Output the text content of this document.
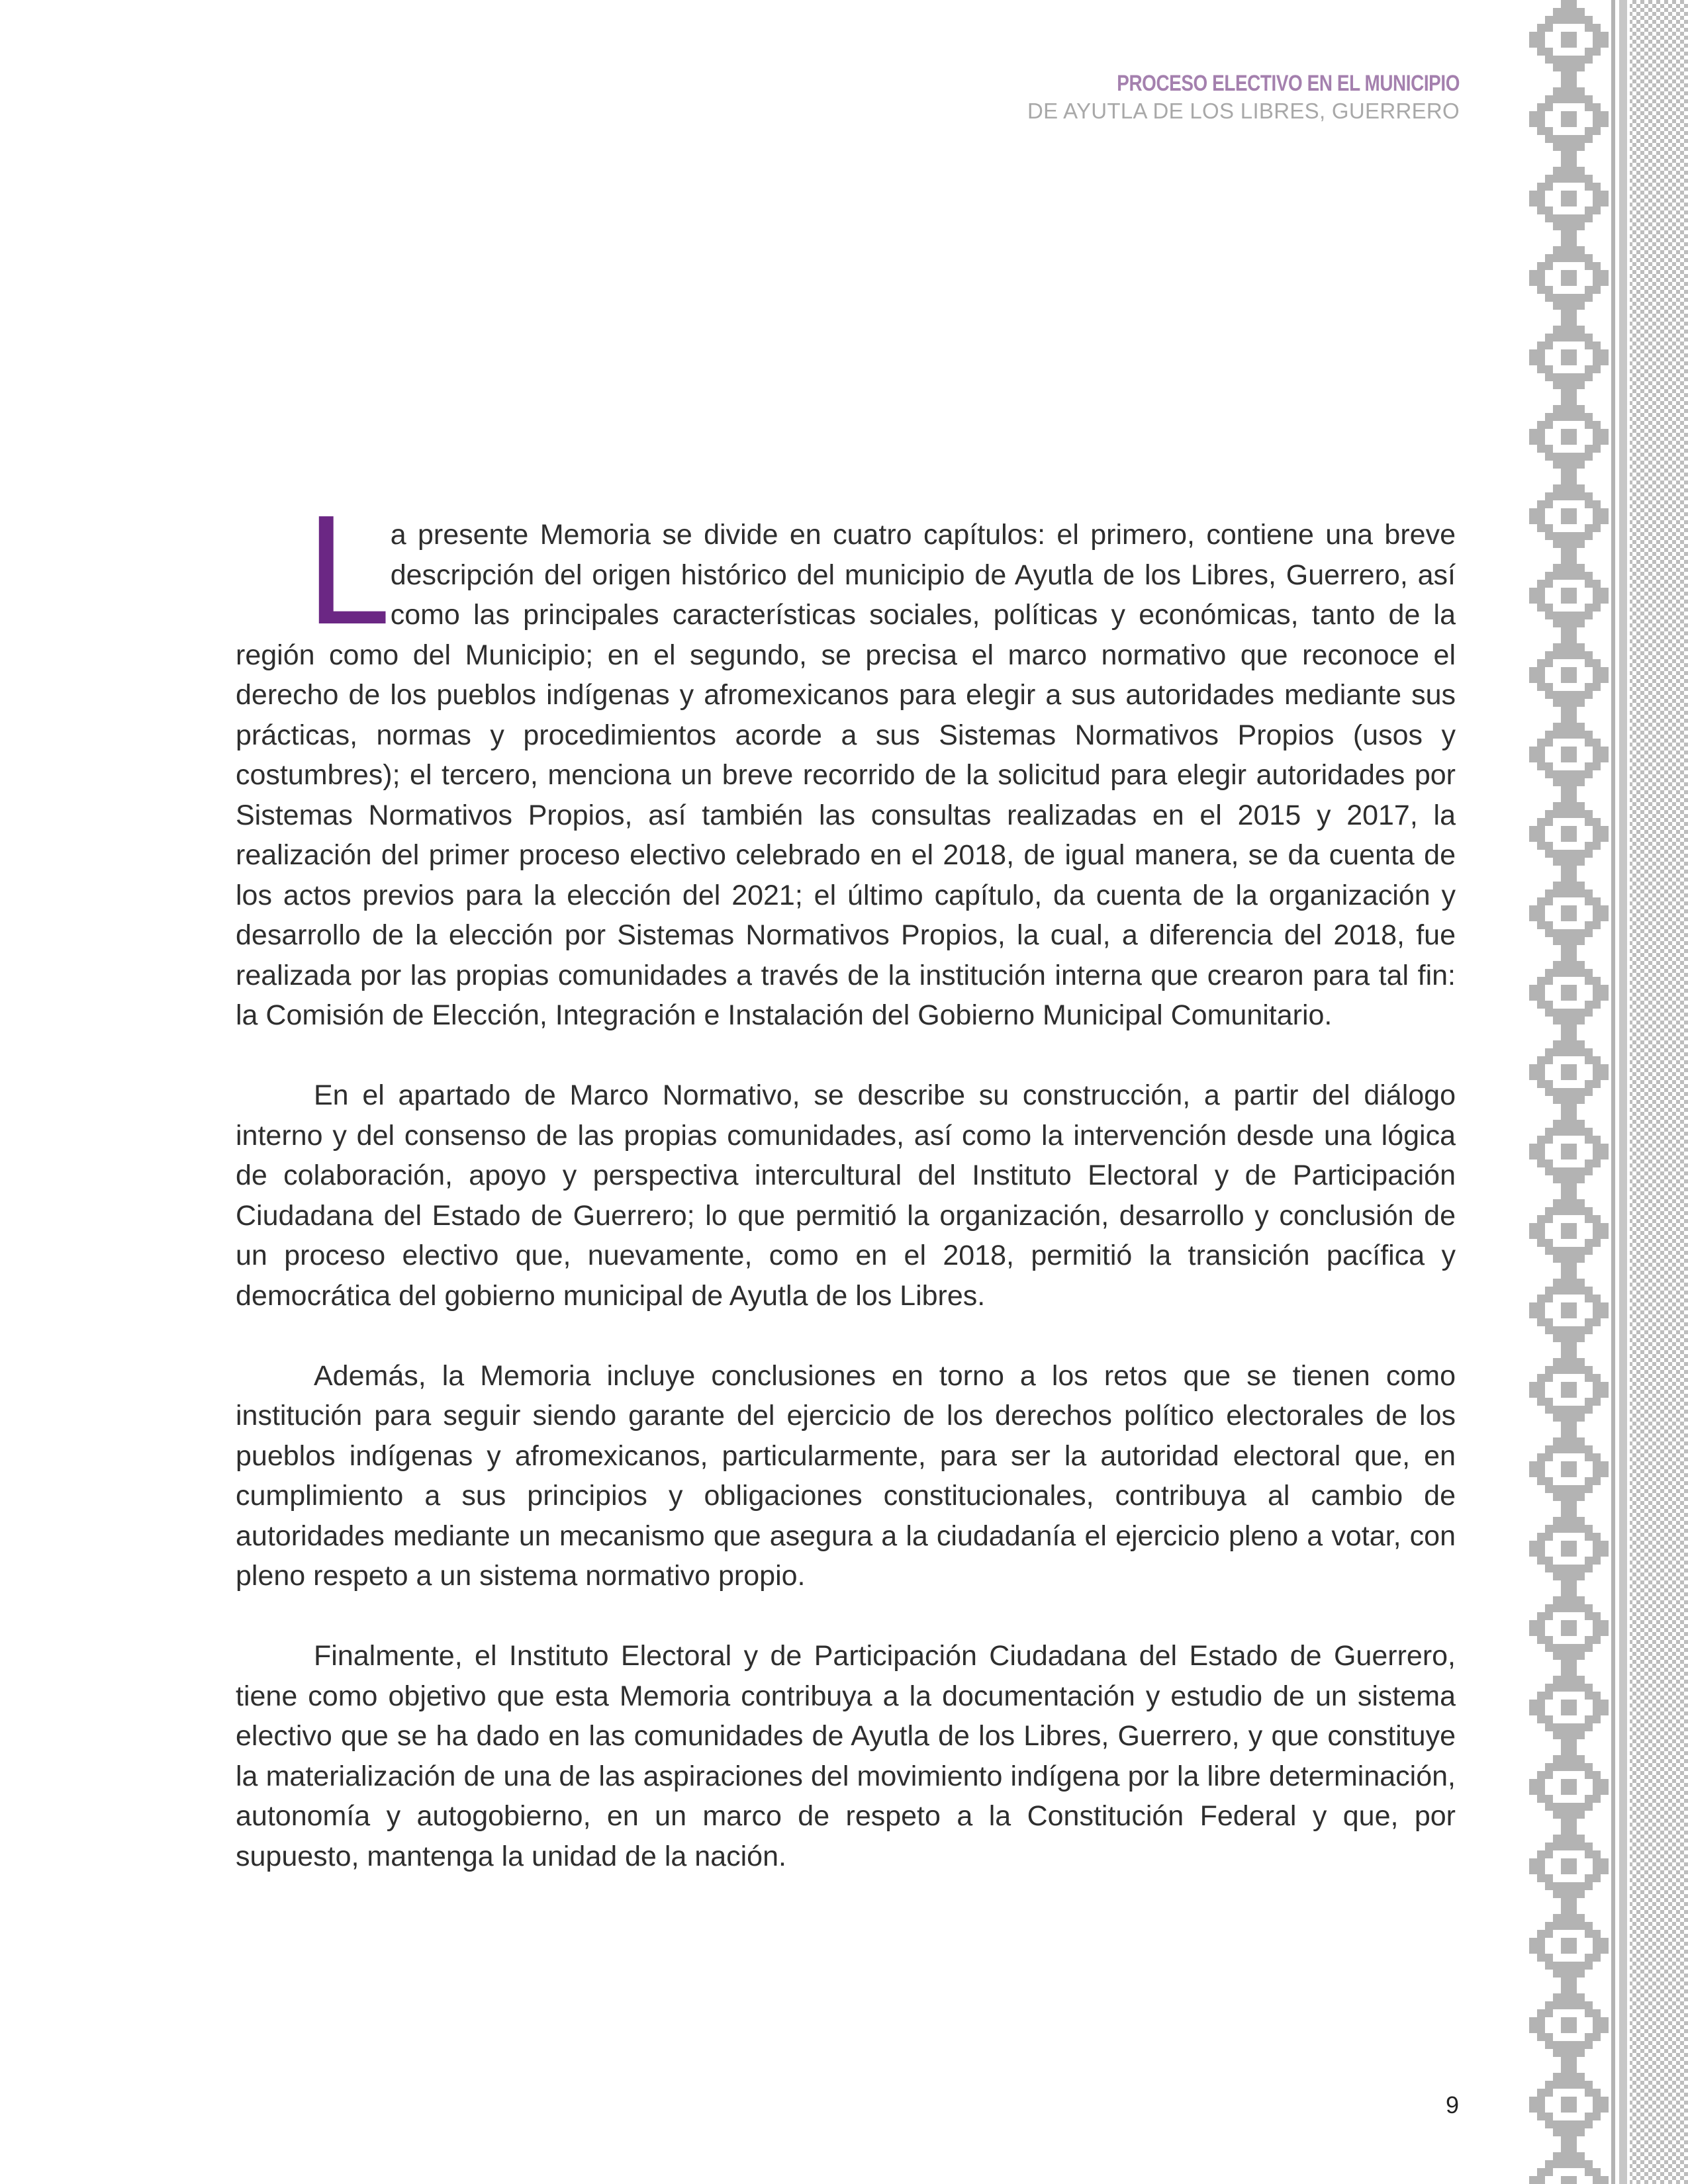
PROCESO ELECTIVO EN EL MUNICIPIO
DE AYUTLA DE LOS LIBRES, GUERRERO

La presente Memoria se divide en cuatro capítulos: el primero, contiene una breve descripción del origen histórico del municipio de Ayutla de los Libres, Guerrero, así como las principales características sociales, políticas y económicas, tanto de la región como del Municipio; en el segundo, se precisa el marco normativo que reconoce el derecho de los pueblos indígenas y afromexicanos para elegir a sus autoridades mediante sus prácticas, normas y procedimientos acorde a sus Sistemas Normativos Propios (usos y costumbres); el tercero, menciona un breve recorrido de la solicitud para elegir autoridades por Sistemas Normativos Propios, así también las consultas realizadas en el 2015 y 2017, la realización del primer proceso electivo celebrado en el 2018, de igual manera, se da cuenta de los actos previos para la elección del 2021; el último capítulo, da cuenta de la organización y desarrollo de la elección por Sistemas Normativos Propios, la cual, a diferencia del 2018, fue realizada por las propias comunidades a través de la institución interna que crearon para tal fin: la Comisión de Elección, Integración e Instalación del Gobierno Municipal Comunitario.

En el apartado de Marco Normativo, se describe su construcción, a partir del diálogo interno y del consenso de las propias comunidades, así como la intervención desde una lógica de colaboración, apoyo y perspectiva intercultural del Instituto Electoral y de Participación Ciudadana del Estado de Guerrero; lo que permitió la organización, desarrollo y conclusión de un proceso electivo que, nuevamente, como en el 2018, permitió la transición pacífica y democrática del gobierno municipal de Ayutla de los Libres.

Además, la Memoria incluye conclusiones en torno a los retos que se tienen como institución para seguir siendo garante del ejercicio de los derechos político electorales de los pueblos indígenas y afromexicanos, particularmente, para ser la autoridad electoral que, en cumplimiento a sus principios y obligaciones constitucionales, contribuya al cambio de autoridades mediante un mecanismo que asegura a la ciudadanía el ejercicio pleno a votar, con pleno respeto a un sistema normativo propio.

Finalmente, el Instituto Electoral y de Participación Ciudadana del Estado de Guerrero, tiene como objetivo que esta Memoria contribuya a la documentación y estudio de un sistema electivo que se ha dado en las comunidades de Ayutla de los Libres, Guerrero, y que constituye la materialización de una de las aspiraciones del movimiento indígena por la libre determinación, autonomía y autogobierno, en un marco de respeto a la Constitución Federal y que, por supuesto, mantenga la unidad de la nación.

9
